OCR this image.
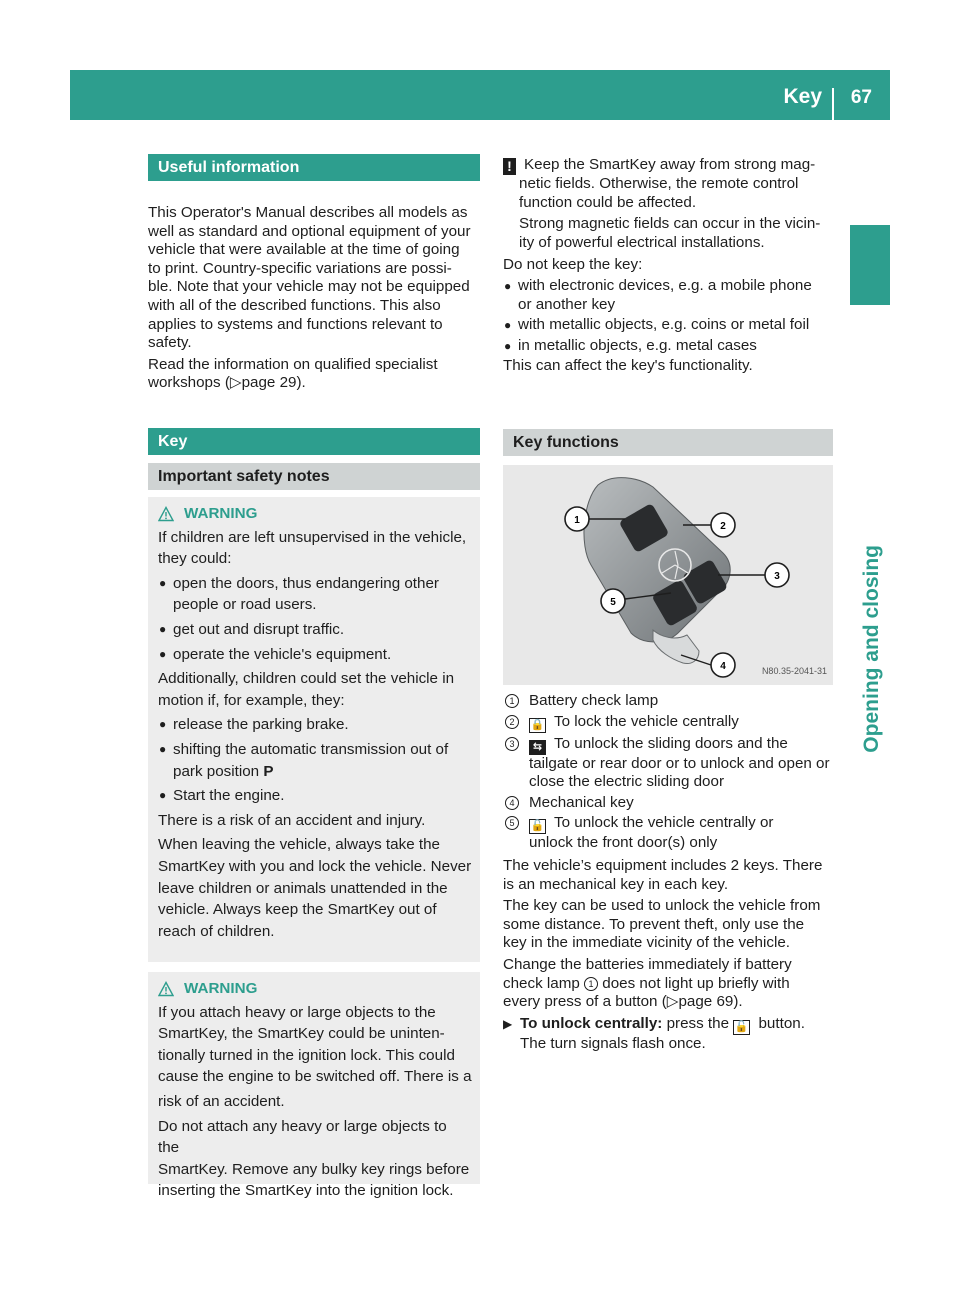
Key 67
Opening and closing
Useful information

This Operator's Manual describes all models as

well as standard and optional equipment of your

vehicle that were available at the time of going

to print. Country-specific variations are possi-

ble. Note that your vehicle may not be equipped

with all of the described functions. This also

applies to systems and functions relevant to

safety.

Read the information on qualified specialist

workshops (▷page 29).

Key
Important safety notes
WARNING

If children are left unsupervised in the vehicle,

they could:

● open the doors, thus endangering other

people or road users.

● get out and disrupt traffic.

● operate the vehicle's equipment.

Additionally, children could set the vehicle in

motion if, for example, they:

● release the parking brake.

● shifting the automatic transmission out of

park position P

● Start the engine.

There is a risk of an accident and injury.

When leaving the vehicle, always take the

SmartKey with you and lock the vehicle. Never

leave children or animals unattended in the

vehicle. Always keep the SmartKey out of

reach of children.

WARNING

If you attach heavy or large objects to the

SmartKey, the SmartKey could be uninten-

tionally turned in the ignition lock. This could

cause the engine to be switched off. There is a

risk of an accident.

Do not attach any heavy or large objects to the

SmartKey. Remove any bulky key rings before

inserting the SmartKey into the ignition lock.

! Keep the SmartKey away from strong mag-

netic fields. Otherwise, the remote control

function could be affected.

Strong magnetic fields can occur in the vicin-

ity of powerful electrical installations.

Do not keep the key:

● with electronic devices, e.g. a mobile phone

or another key

● with metallic objects, e.g. coins or metal foil

● in metallic objects, e.g. metal cases

This can affect the key's functionality.

Key functions
1
2
3
4
5
N80.35-2041-31
1 Battery check lamp

2	🔒 To lock the vehicle centrally

3	⇆ To unlock the sliding doors and the

tailgate or rear door or to unlock and open or

close the electric sliding door

4 Mechanical key

5	🔓 To unlock the vehicle centrally or

unlock the front door(s) only

The vehicle’s equipment includes 2 keys. There

is an mechanical key in each key.

The key can be used to unlock the vehicle from

some distance. To prevent theft, only use the

key in the immediate vicinity of the vehicle.

Change the batteries immediately if battery

check lamp 1 does not light up briefly with

every press of a button (▷page 69).

▶ To unlock centrally: press the 🔓 button.

The turn signals flash once.
